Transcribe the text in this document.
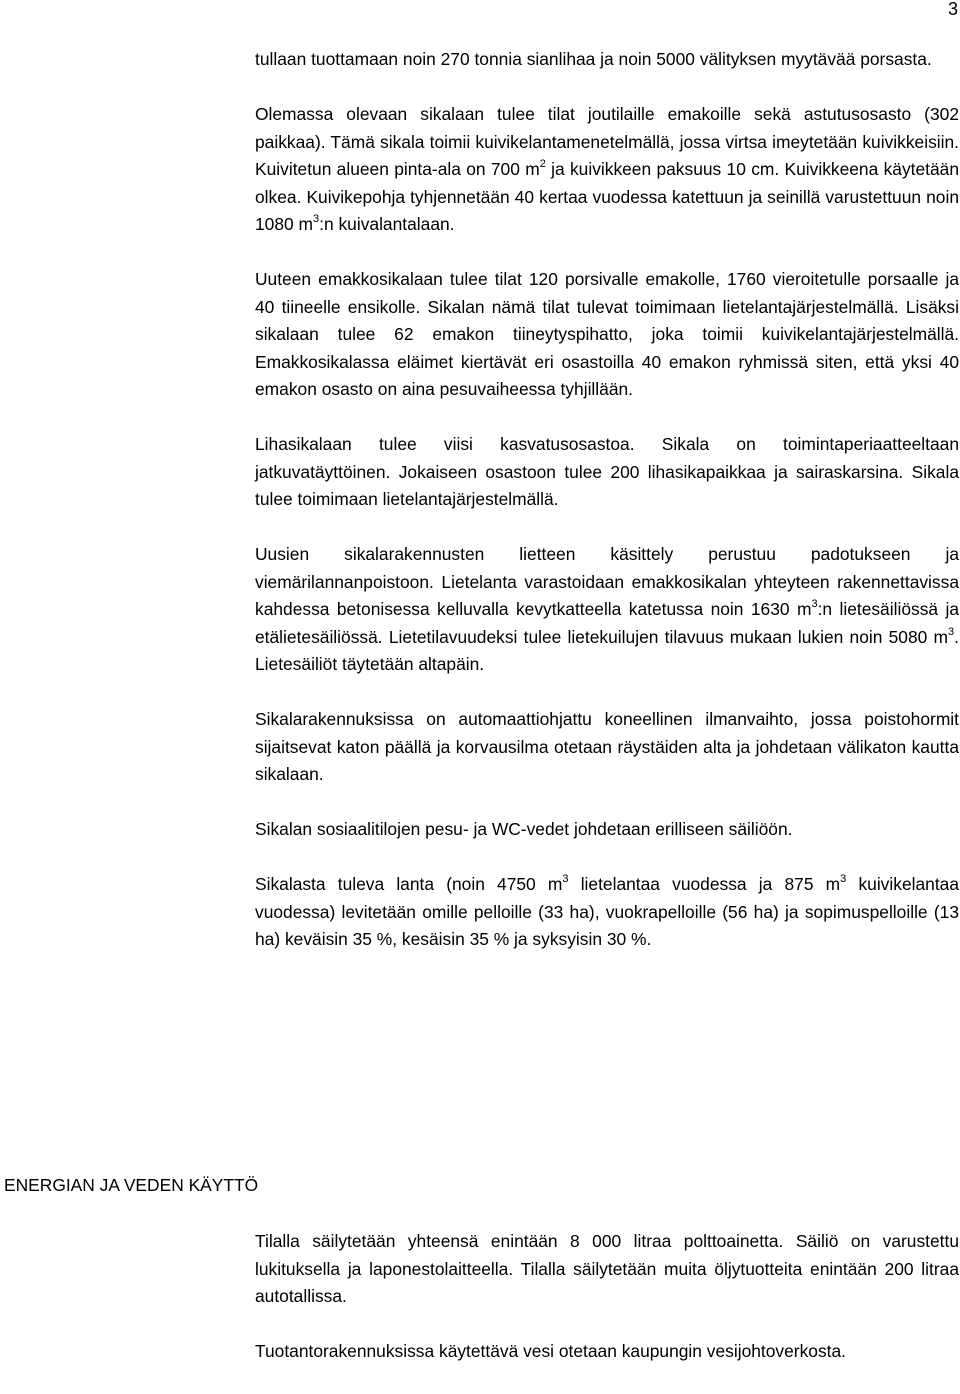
3

tullaan tuottamaan noin 270 tonnia sianlihaa ja noin 5000 välityksen myytävää porsasta.

Olemassa olevaan sikalaan tulee tilat joutilaille emakoille sekä astutusosasto (302 paikkaa). Tämä sikala toimii kuivikelantamenetelmällä, jossa virtsa imeytetään kuivikkeisiin. Kuivitetun alueen pinta-ala on 700 $m^2$ ja kuivikkeen paksuus 10 cm. Kuivikkeena käytetään olkea. Kuivikepohja tyhjennetään 40 kertaa vuodessa katettuun ja seinillä varustettuun noin 1080 $m^3:n$ kuivalantalaan.

Uuteen emakkosikalaan tulee tilat 120 porsivalle emakolle, 1760 vieroitetulle porsaalle ja 40 tiineelle ensikolle. Sikalan nämä tilat tulevat toimimaan lietelantajärjestelmällä. Lisäksi sikalaan tulee 62 emakon tiineytyspihatto, joka toimii kuivikelantajärjestelmällä. Emakkosikalassa eläimet kiertävät eri osastoilla 40 emakon ryhmissä siten, että yksi 40 emakon osasto on aina pesuvaiheessa tyhjillään.

Lihasikalaan tulee viisi kasvatusosastoa. Sikala on toimintaperiaatteeltaan jatkuvatäyttöinen. Jokaiseen osastoon tulee 200 lihasikapaikkaa ja sairaskarsina. Sikala tulee toimimaan lietelantajärjestelmällä.

Uusien sikalarakennusten lietteen käsittely perustuu padotukseen ja viemärilannanpoistoon. Lietelanta varastoidaan emakkosikalan yhteyteen rakennettavissa kahdessa betonisessa kelluvalla kevytkatteella katetussa noin 1630 $m^3:n$ lietesäiliössä ja etälietesäiliössä. Lietetilavuudeksi tulee lietekuilujen tilavuus mukaan lukien noin 5080 $m^3$. Lietesäiliöt täytetään altapäin.

Sikalarakennuksissa on automaattiohjattu koneellinen ilmanvaihto, jossa poistohormit sijaitsevat katon päällä ja korvausilma otetaan räystäiden alta ja johdetaan välikaton kautta sikalaan.

Sikalan sosiaalitilojen pesu- ja WC-vedet johdetaan erilliseen säiliöön.

Sikalasta tuleva lanta (noin 4750 $m^3$ lietelantaa vuodessa ja 875 $m^3$ kuivikelantaa vuodessa) levitetään omille pelloille (33 ha), vuokrapelloille (56 ha) ja sopimuspelloille (13 ha) keväisin 35 %, kesäisin 35 % ja syksyisin 30 %.

ENERGIAN JA VEDEN KÄYTTÖ

Tilalla säilytetään yhteensä enintään 8 000 litraa polttoainetta. Säiliö on varustettu lukituksella ja laponestolaitteella. Tilalla säilytetään muita öljytuotteita enintään 200 litraa autotallissa.

Tuotantorakennuksissa käytettävä vesi otetaan kaupungin vesijohtoverkosta.
